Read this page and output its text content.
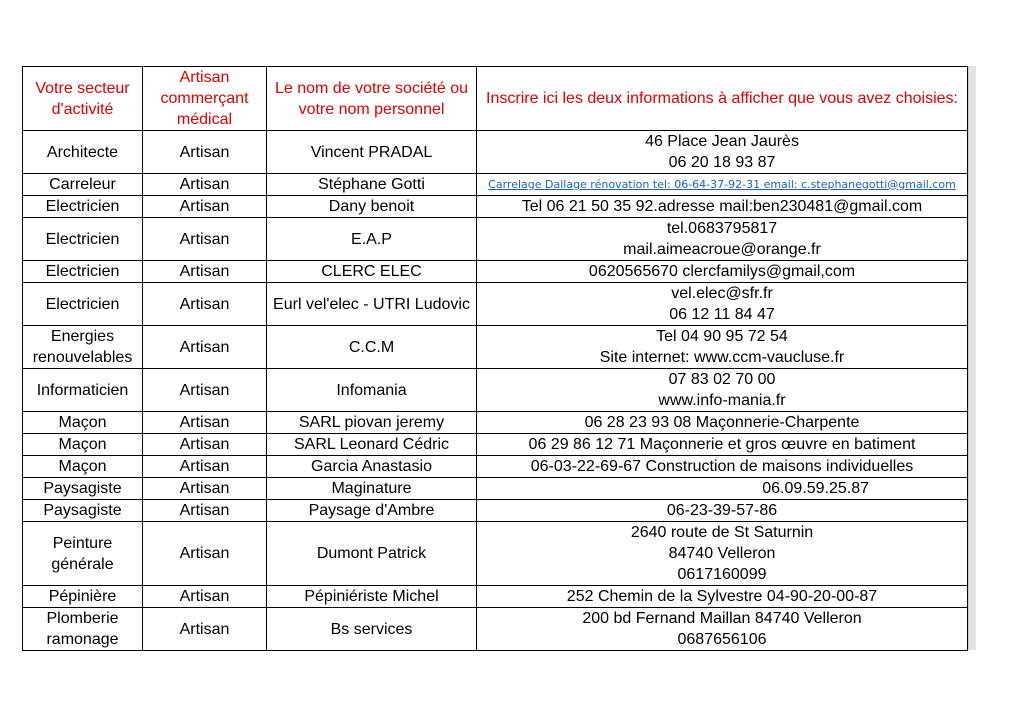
Votre secteur d'activité	Artisan commerçant médical	Le nom de votre société ou votre nom personnel	Inscrire ici les deux informations à afficher que vous avez choisies:
Architecte	Artisan	Vincent PRADAL	46 Place Jean Jaurès
06 20 18 93 87

Carreleur	Artisan	Stéphane Gotti	Carrelage Dallage rénovation tel: 06-64-37-92-31 email: c.stephanegotti@gmail.com

Electricien	Artisan	Dany benoit	Tel 06 21 50 35 92.adresse mail:ben230481@gmail.com

Electricien	Artisan	E.A.P	tel.0683795817
mail.aimeacroue@orange.fr

Electricien	Artisan	CLERC ELEC	0620565670 clercfamilys@gmail,com

Electricien	Artisan	Eurl vel'elec - UTRI Ludovic	vel.elec@sfr.fr
06 12 11 84 47

Energies renouvelables	Artisan	C.C.M	Tel 04 90 95 72 54
Site internet: www.ccm-vaucluse.fr

Informaticien	Artisan	Infomania	07 83 02 70 00
www.info-mania.fr

Maçon	Artisan	SARL piovan jeremy	06 28 23 93 08 Maçonnerie-Charpente

Maçon	Artisan	SARL Leonard Cédric	06 29 86 12 71 Maçonnerie et gros œuvre en batiment

Maçon	Artisan	Garcia Anastasio	06-03-22-69-67 Construction de maisons individuelles

Paysagiste	Artisan	Maginature	06.09.59.25.87

Paysagiste	Artisan	Paysage d'Ambre	06-23-39-57-86

Peinture générale	Artisan	Dumont Patrick	2640 route de St Saturnin
84740 Velleron
0617160099

Pépinière	Artisan	Pépiniériste Michel	252 Chemin de la Sylvestre 04-90-20-00-87

Plomberie ramonage	Artisan	Bs services	200 bd Fernand Maillan 84740 Velleron
0687656106
